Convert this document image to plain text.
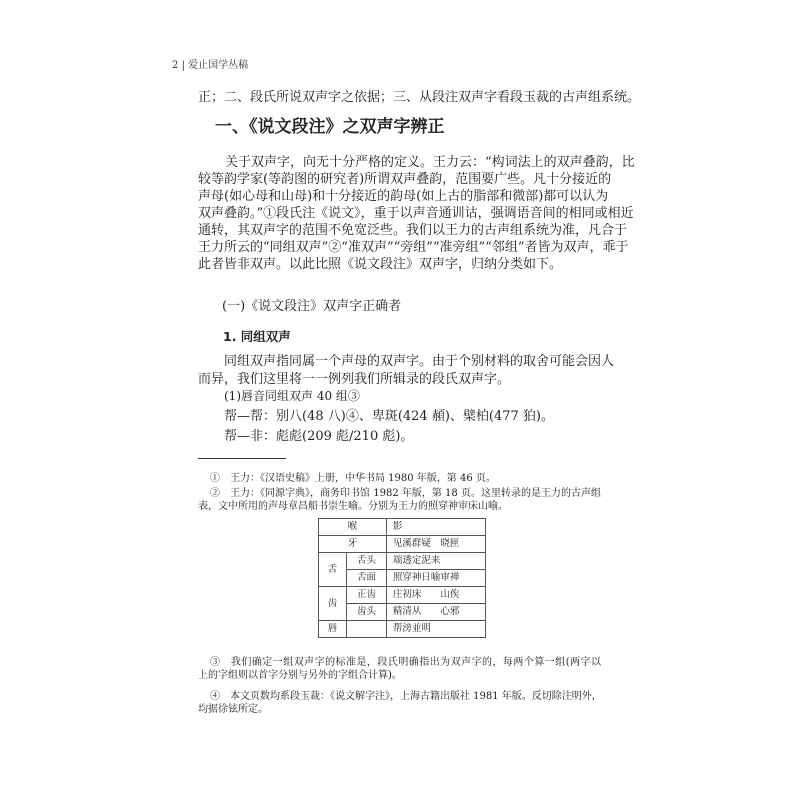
2 | 爱止国学丛稿
正；二、段氏所说双声字之依据；三、从段注双声字看段玉裁的古声组系统。
一、《说文段注》之双声字辨正
关于双声字，向无十分严格的定义。王力云：“构词法上的双声叠韵，比
较等韵学家(等韵图的研究者)所谓双声叠韵，范围要广些。凡十分接近的
声母(如心母和山母)和十分接近的韵母(如上古的脂部和微部)都可以认为
双声叠韵。”①段氏注《说文》，重于以声音通训诂，强调语音间的相同或相近
通转，其双声字的范围不免宽泛些。我们以王力的古声组系统为准，凡合于
王力所云的“同组双声”②“准双声”“旁组”“准旁组”“邻组”者皆为双声，乖于
此者皆非双声。以此比照《说文段注》双声字，归纳分类如下。
(一)《说文段注》双声字正确者
1. 同组双声
同组双声指同属一个声母的双声字。由于个别材料的取舍可能会因人
而异，我们这里将一一例列我们所辑录的段氏双声字。
(1)唇音同组双声 40 组③
帮—帮：别八(48 八)④、卑斑(424 頳)、檗柏(477 狛)。
帮—非：彪彪(209 彪/210 彪)。
①　王力：《汉语史稿》上册，中华书局 1980 年版，第 46 页。
②　王力：《同源字典》，商务印书馆 1982 年版，第 18 页。这里转录的是王力的古声组
表，文中所用的声母章昌船书崇生喻。分别为王力的照穿神审床山喻。
喉		影
牙		见溪群疑　晓匣
舌	舌头	端透定泥来
	舌面	照穿神日喻审禅
齿	正齿	庄初床　　山俟
	齿头	精清从　　心邪
唇		帮滂並明
③　我们确定一组双声字的标准是，段氏明确指出为双声字的，每两个算一组(两字以
上的字组则以首字分别与另外的字组合计算)。
④　本文页数均系段玉裁：《说文解字注》，上海古籍出版社 1981 年版。反切除注明外，
均据徐铉所定。
